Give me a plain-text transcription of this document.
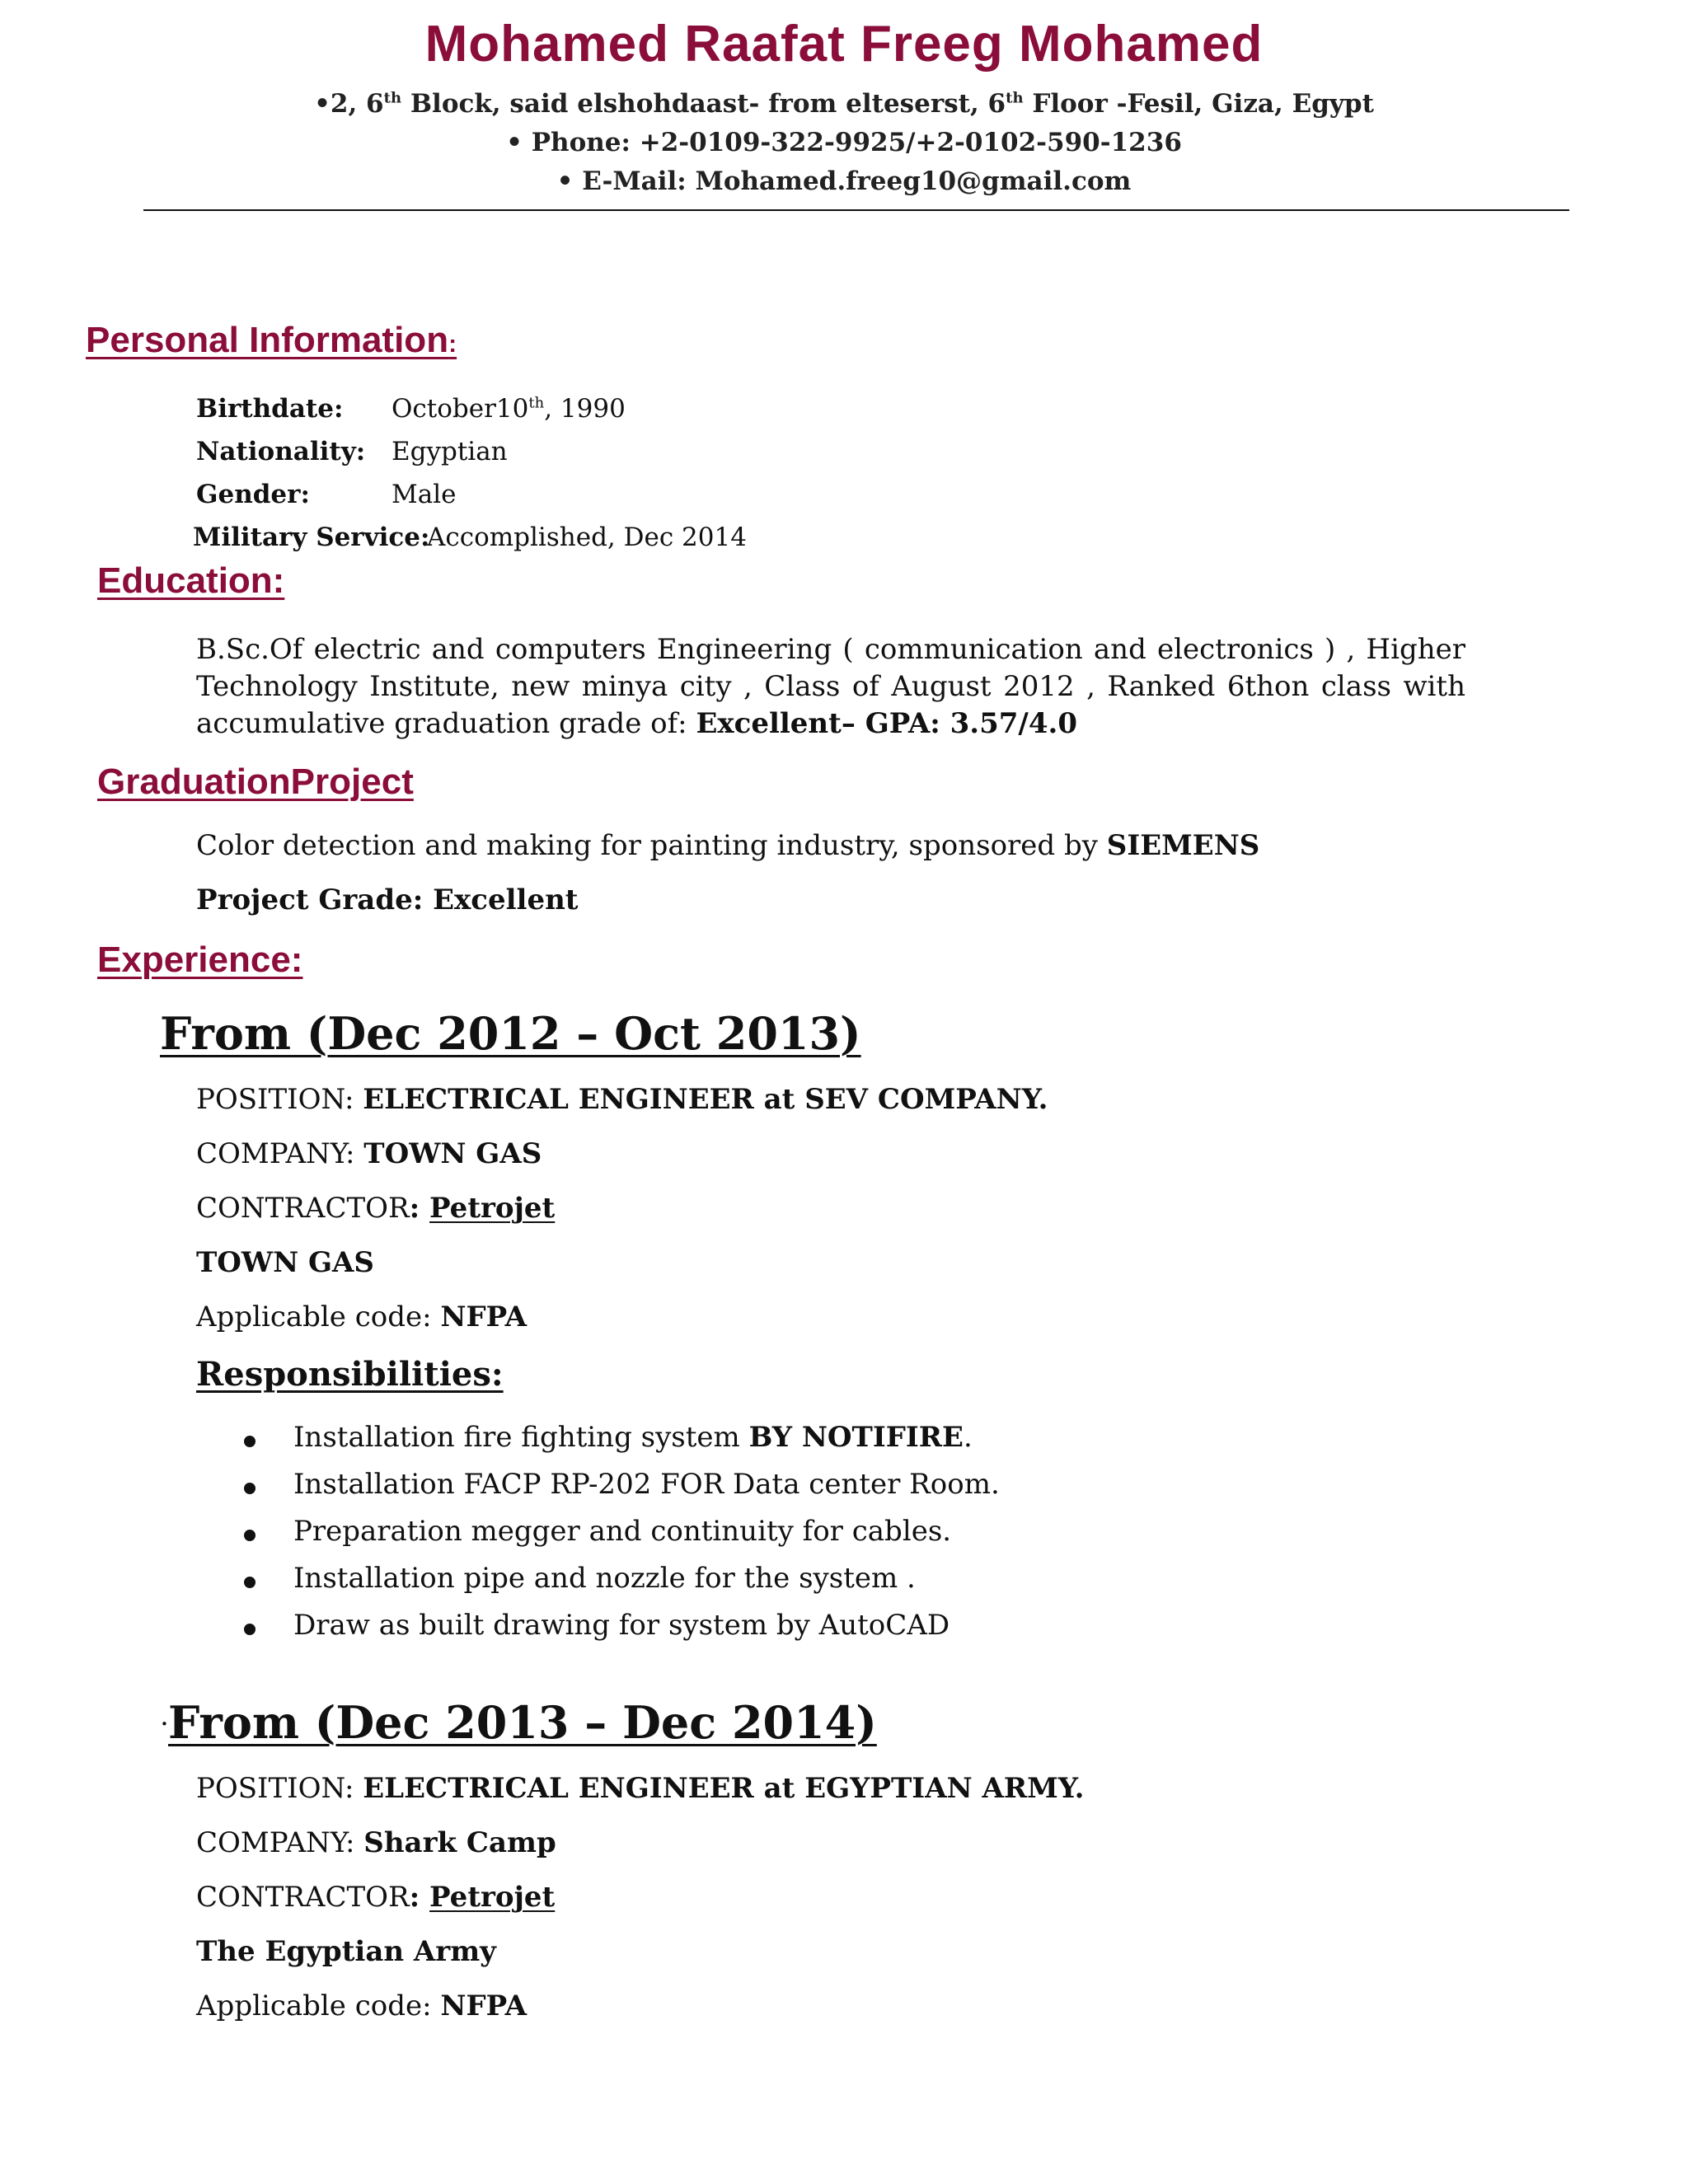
Mohamed Raafat Freeg Mohamed
•2, 6th Block, said elshohdaast- from elteserst, 6th Floor -Fesil, Giza, Egypt
• Phone: +2-0109-322-9925/+2-0102-590-1236
• E-Mail: Mohamed.freeg10@gmail.com
Personal Information:
Birthdate: October10th, 1990
Nationality: Egyptian
Gender:	Male
Military Service:
Accomplished, Dec 2014
Education:
B.Sc.Of electric and computers Engineering ( communication and electronics ) , Higher Technology Institute, new minya city , Class of August 2012 , Ranked 6thon class with accumulative graduation grade of: Excellent– GPA: 3.57/4.0
GraduationProject
Color detection and making for painting industry, sponsored by SIEMENS
Project Grade: Excellent
Experience:
From (Dec 2012 – Oct 2013)
POSITION: ELECTRICAL ENGINEER at SEV COMPANY.
COMPANY: TOWN GAS
CONTRACTOR: Petrojet
TOWN GAS
Applicable code: NFPA
Responsibilities:
Installation fire fighting system BY NOTIFIRE.
Installation FACP RP-202 FOR Data center Room.
Preparation megger and continuity for cables.
Installation pipe and nozzle for the system .
Draw as built drawing for system by AutoCAD
. From (Dec 2013 – Dec 2014)
POSITION: ELECTRICAL ENGINEER at EGYPTIAN ARMY.
COMPANY: Shark Camp
CONTRACTOR: Petrojet
The Egyptian Army
Applicable code: NFPA
